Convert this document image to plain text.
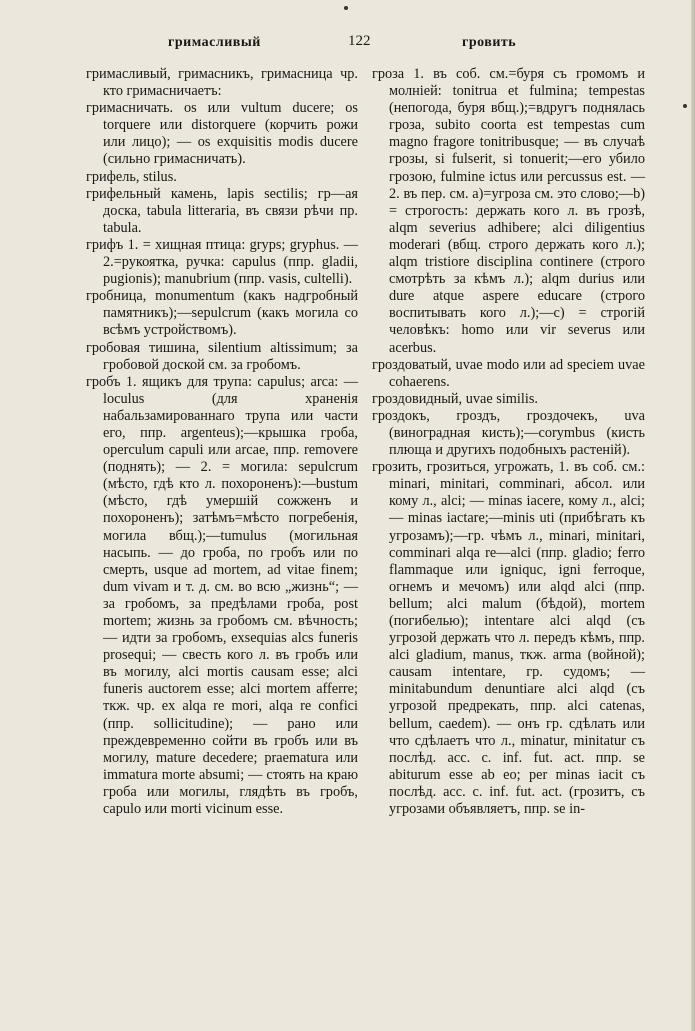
гримасливый	122	гровить

гримасливый, гримасникъ, гримасница чр. кто гримасничаетъ:

гримасничать. os или vultum ducere; os torquere или distorquere (корчить рожи или лицо); — os exquisitis modis ducere (сильно гримасничать).

грифель, stilus.

грифельный камень, lapis sectilis; гр—ая доска, tabula litteraria, въ связи рѣчи пр. tabula.

грифъ 1. = хищная птица: gryps; gryphus. — 2.=рукоятка, ручка: capulus (ппр. gladii, pugionis); manubrium (ппр. vasis, cultelli).

гробница, monumentum (какъ надгробный памятникъ);—sepulcrum (какъ могила со всѣмъ устройствомъ).

гробовая тишина, silentium altissimum; за гробовой доской см. за гробомъ.

гробъ 1. ящикъ для трупа: capulus; arca: — loculus (для храненія набальзамированнаго трупа или части его, ппр. argenteus);—крышка гроба, operculum capuli или arcae, ппр. removere (поднять); — 2. = могила: sepulcrum (мѣсто, гдѣ кто л. похороненъ):—bustum (мѣсто, гдѣ умершій сожженъ и похороненъ); затѣмъ=мѣсто погребенія, могила вбщ.);—tumulus (могильная насыпь. — до гроба, по гробъ или по смерть, usque ad mortem, ad vitae finem; dum vivam и т. д. см. во всю „жизнь“; — за гробомъ, за предѣлами гроба, post mortem; жизнь за гробомъ см. вѣчность; — идти за гробомъ, exsequias alcs funeris prosequi; — свесть кого л. въ гробъ или въ могилу, alci mortis causam esse; alci funeris auctorem esse; alci mortem afferre; ткж. чр. ex alqa re mori, alqa re confici (ппр. sollicitudine); — рано или преждевременно сойти въ гробъ или въ могилу, mature decedere; praematura или immatura morte absumi; — стоять на краю гроба или могилы, глядѣть въ гробъ, capulo или morti vicinum esse.

гроза 1. въ соб. см.=буря съ громомъ и молніей: tonitrua et fulmina; tempestas (непогода, буря вбщ.);=вдругъ поднялась гроза, subito coorta est tempestas cum magno fragore tonitribusque; — въ случаѣ грозы, si fulserit, si tonuerit;—его убило грозою, fulmine ictus или percussus est. — 2. въ пер. см. а)=угроза см. это слово;—b) = строгость: держать кого л. въ грозѣ, alqm severius adhibere; alci diligentius moderari (вбщ. строго держать кого л.); alqm tristiore disciplina continere (строго смотрѣть за кѣмъ л.); alqm durius или dure atque aspere educare (строго воспитывать кого л.);—с) = строгій человѣкъ: homo или vir severus или acerbus.

гроздоватый, uvae modo или ad speciem uvae cohaerens.

гроздовидный, uvae similis.

гроздокъ, гроздъ, гроздочекъ, uva (виноградная кисть);—corymbus (кисть плюща и другихъ подобныхъ растеній).

грозить, грозиться, угрожать, 1. въ соб. см.: minari, minitari, comminari, абсол. или кому л., alci; — minas iacere, кому л., alci; — minas iactare;—minis uti (прибѣгать къ угрозамъ);—гр. чѣмъ л., minari, minitari, comminari alqa re—alci (ппр. gladio; ferro flammaque или igniquc, igni ferroque, огнемъ и мечомъ) или alqd alci (ппр. bellum; alci malum (бѣдой), mortem (погибелью); intentare alci alqd (съ угрозой держать что л. передъ кѣмъ, ппр. alci gladium, manus, ткж. arma (войной); causam intentare, гр. судомъ; — minitabundum denuntiare alci alqd (съ угрозой предрекать, ппр. alci catenas, bellum, caedem). — онъ гр. сдѣлать или что сдѣлаетъ что л., minatur, minitatur съ послѣд. acc. c. inf. fut. act. ппр. se abiturum esse ab eo; per minas iacit съ послѣд. acc. c. inf. fut. act. (грозитъ, съ угрозами объявляетъ, ппр. se in-
